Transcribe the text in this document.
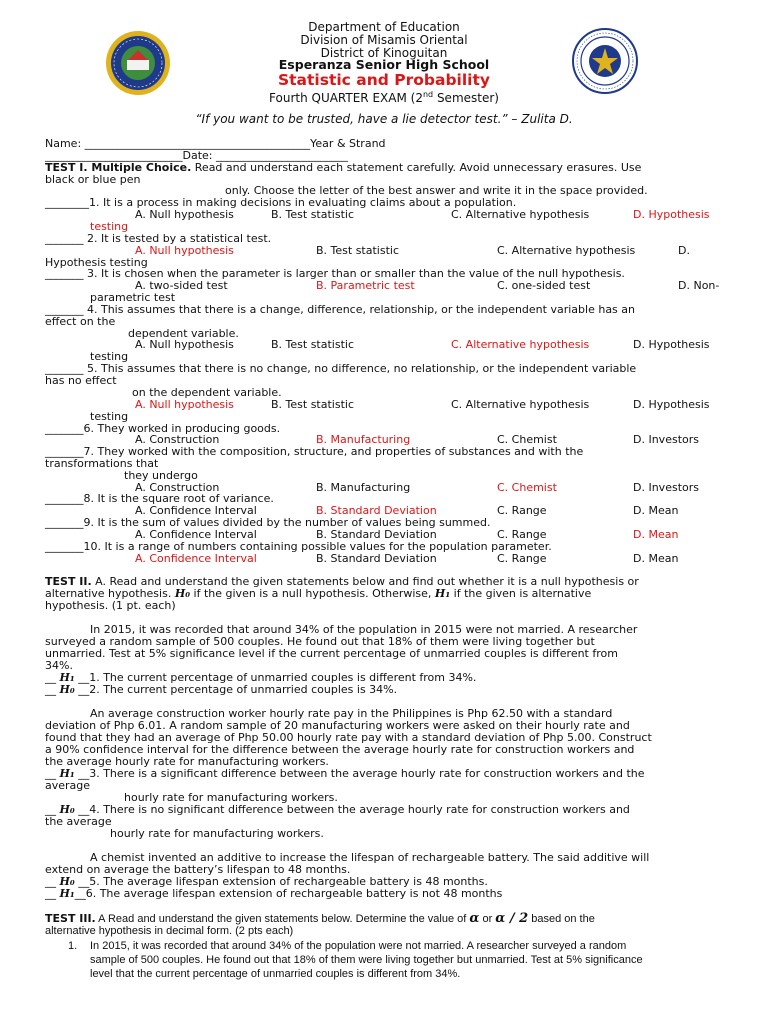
Department of Education
Division of Misamis Oriental
District of Kinoguitan
Esperanza Senior High School
Statistic and Probability
Fourth QUARTER EXAM (2nd Semester)
“If you want to be trusted, have a lie detector test.” – Zulita D.
Name: _________________________________________Year & Strand
_________________________Date: ________________________
TEST I. Multiple Choice. Read and understand each statement carefully. Avoid unnecessary erasures. Use
black or blue pen
only. Choose the letter of the best answer and write it in the space provided.
________1. It is a process in making decisions in evaluating claims about a population.
A. Null hypothesis	B. Test statistic	C. Alternative hypothesis	D. Hypothesis
testing
_______ 2. It is tested by a statistical test.
A. Null hypothesis	B. Test statistic	C. Alternative hypothesis	D.
Hypothesis testing
_______ 3. It is chosen when the parameter is larger than or smaller than the value of the null hypothesis.
A. two-sided test	B. Parametric test	C. one-sided test	D. Non-
parametric test
_______ 4. This assumes that there is a change, difference, relationship, or the independent variable has an
effect on the
dependent variable.
A. Null hypothesis	B. Test statistic	C. Alternative hypothesis	D. Hypothesis
testing
_______ 5. This assumes that there is no change, no difference, no relationship, or the independent variable
has no effect
on the dependent variable.
A. Null hypothesis	B. Test statistic	C. Alternative hypothesis	D. Hypothesis
testing
_______6. They worked in producing goods.
A. Construction	B. Manufacturing	C. Chemist	D. Investors
_______7. They worked with the composition, structure, and properties of substances and with the
transformations that
they undergo
A. Construction	B. Manufacturing	C. Chemist	D. Investors
_______8. It is the square root of variance.
A. Confidence Interval	B. Standard Deviation	C. Range	D. Mean
_______9. It is the sum of values divided by the number of values being summed.
A. Confidence Interval	B. Standard Deviation	C. Range	D. Mean
_______10. It is a range of numbers containing possible values for the population parameter.
A. Confidence Interval	B. Standard Deviation	C. Range	D. Mean
TEST II. A. Read and understand the given statements below and find out whether it is a null hypothesis or
alternative hypothesis. H₀ if the given is a null hypothesis. Otherwise, H₁ if the given is alternative
hypothesis. (1 pt. each)
In 2015, it was recorded that around 34% of the population in 2015 were not married. A researcher
surveyed a random sample of 500 couples. He found out that 18% of them were living together but
unmarried. Test at 5% significance level if the current percentage of unmarried couples is different from
34%.
__ H₁ __1. The current percentage of unmarried couples is different from 34%.
__ H₀ __2. The current percentage of unmarried couples is 34%.
An average construction worker hourly rate pay in the Philippines is Php 62.50 with a standard
deviation of Php 6.01. A random sample of 20 manufacturing workers were asked on their hourly rate and
found that they had an average of Php 50.00 hourly rate pay with a standard deviation of Php 5.00. Construct
a 90% confidence interval for the difference between the average hourly rate for construction workers and
the average hourly rate for manufacturing workers.
__ H₁ __3. There is a significant difference between the average hourly rate for construction workers and the
average
hourly rate for manufacturing workers.
__ H₀ __4. There is no significant difference between the average hourly rate for construction workers and
the average
hourly rate for manufacturing workers.
A chemist invented an additive to increase the lifespan of rechargeable battery. The said additive will
extend on average the battery’s lifespan to 48 months.
__ H₀ __5. The average lifespan extension of rechargeable battery is 48 months.
__ H₁__6. The average lifespan extension of rechargeable battery is not 48 months
TEST III. A Read and understand the given statements below. Determine the value of α or α / 2 based on the
alternative hypothesis in decimal form. (2 pts each)
1. In 2015, it was recorded that around 34% of the population were not married. A researcher surveyed a random
sample of 500 couples. He found out that 18% of them were living together but unmarried. Test at 5% significance
level that the current percentage of unmarried couples is different from 34%.
